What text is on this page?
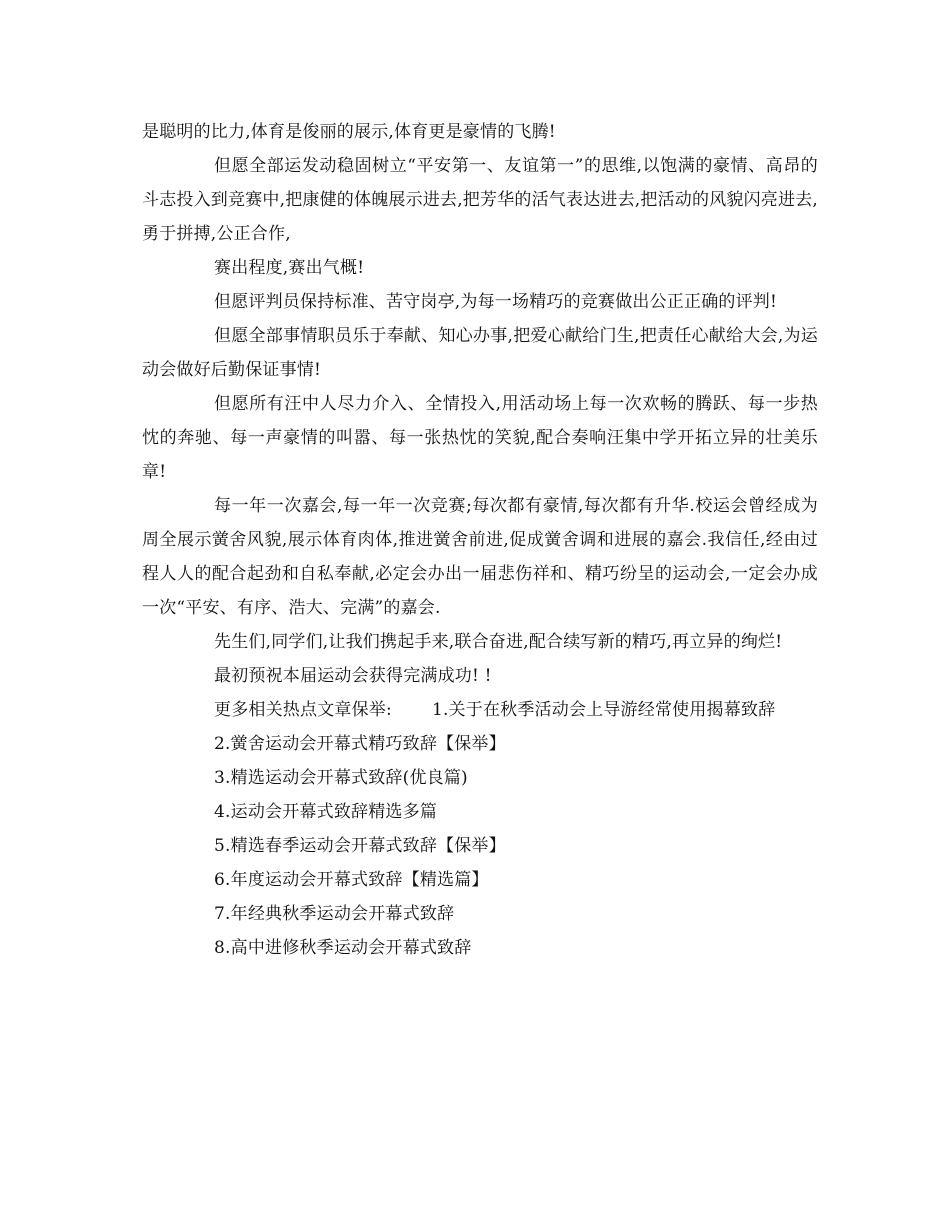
是聪明的比力,体育是俊丽的展示,体育更是豪情的飞腾!

但愿全部运发动稳固树立“平安第一、友谊第一”的思维,以饱满的豪情、高昂的斗志投入到竞赛中,把康健的体魄展示进去,把芳华的活气表达进去,把活动的风貌闪亮进去,勇于拼搏,公正合作,

赛出程度,赛出气概!

但愿评判员保持标准、苦守岗亭,为每一场精巧的竞赛做出公正正确的评判!

但愿全部事情职员乐于奉献、知心办事,把爱心献给门生,把责任心献给大会,为运动会做好后勤保证事情!

但愿所有汪中人尽力介入、全情投入,用活动场上每一次欢畅的腾跃、每一步热忱的奔驰、每一声豪情的叫嚣、每一张热忱的笑貌,配合奏响汪集中学开拓立异的壮美乐章!

每一年一次嘉会,每一年一次竞赛;每次都有豪情,每次都有升华.校运会曾经成为周全展示黉舍风貌,展示体育肉体,推进黉舍前进,促成黉舍调和进展的嘉会.我信任,经由过程人人的配合起劲和自私奉献,必定会办出一届悲伤祥和、精巧纷呈的运动会,一定会办成一次“平安、有序、浩大、完满”的嘉会.

先生们,同学们,让我们携起手来,联合奋进,配合续写新的精巧,再立异的绚烂!

最初预祝本届运动会获得完满成功! !

更多相关热点文章保举: 1.关于在秋季活动会上导游经常使用揭幕致辞

2.黉舍运动会开幕式精巧致辞【保举】
3.精选运动会开幕式致辞(优良篇)
4.运动会开幕式致辞精选多篇
5.精选春季运动会开幕式致辞【保举】
6.年度运动会开幕式致辞【精选篇】
7.年经典秋季运动会开幕式致辞
8.高中进修秋季运动会开幕式致辞
